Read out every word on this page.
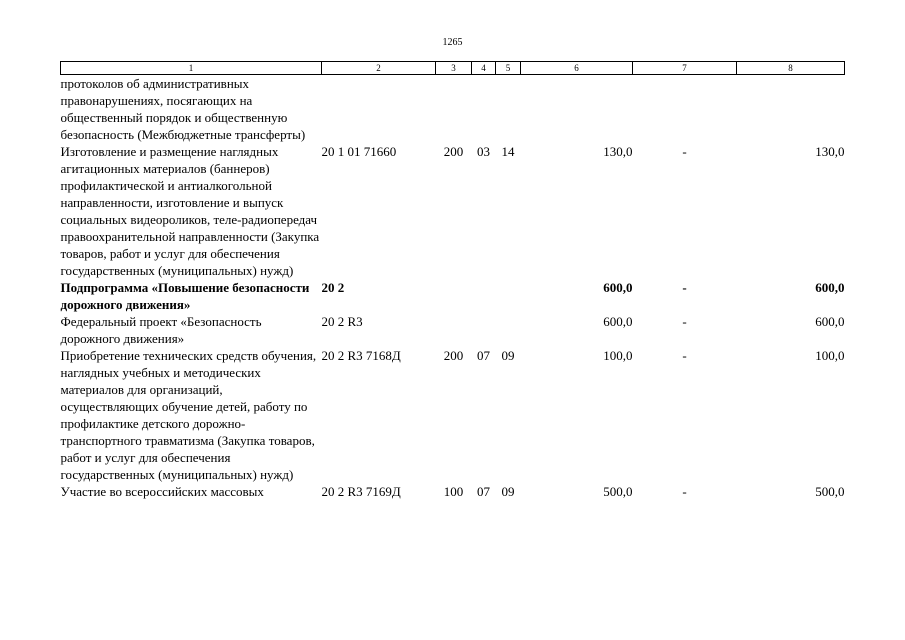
1265
1	2	3	4	5	6	7	8
протоколов об административных правонарушениях, посягающих на общественный порядок и общественную безопасность (Межбюджетные трансферты)							
Изготовление и размещение наглядных агитационных материалов (баннеров) профилактической и антиалкогольной направленности, изготовление и выпуск социальных видеороликов, теле-радиопередач правоохранительной направленности (Закупка товаров, работ и услуг для обеспечения государственных (муниципальных) нужд)	20 1 01 71660	200	03	14	130,0	-	130,0
Подпрограмма «Повышение безопасности дорожного движения»	20 2				600,0	-	600,0
Федеральный проект «Безопасность дорожного движения»	20 2 R3				600,0	-	600,0
Приобретение технических средств обучения, наглядных учебных и методических материалов для организаций, осуществляющих обучение детей, работу по профилактике детского дорожно-транспортного травматизма (Закупка товаров, работ и услуг для обеспечения государственных (муниципальных) нужд)	20 2 R3 7168Д	200	07	09	100,0	-	100,0
Участие во всероссийских массовых	20 2 R3 7169Д	100	07	09	500,0	-	500,0
